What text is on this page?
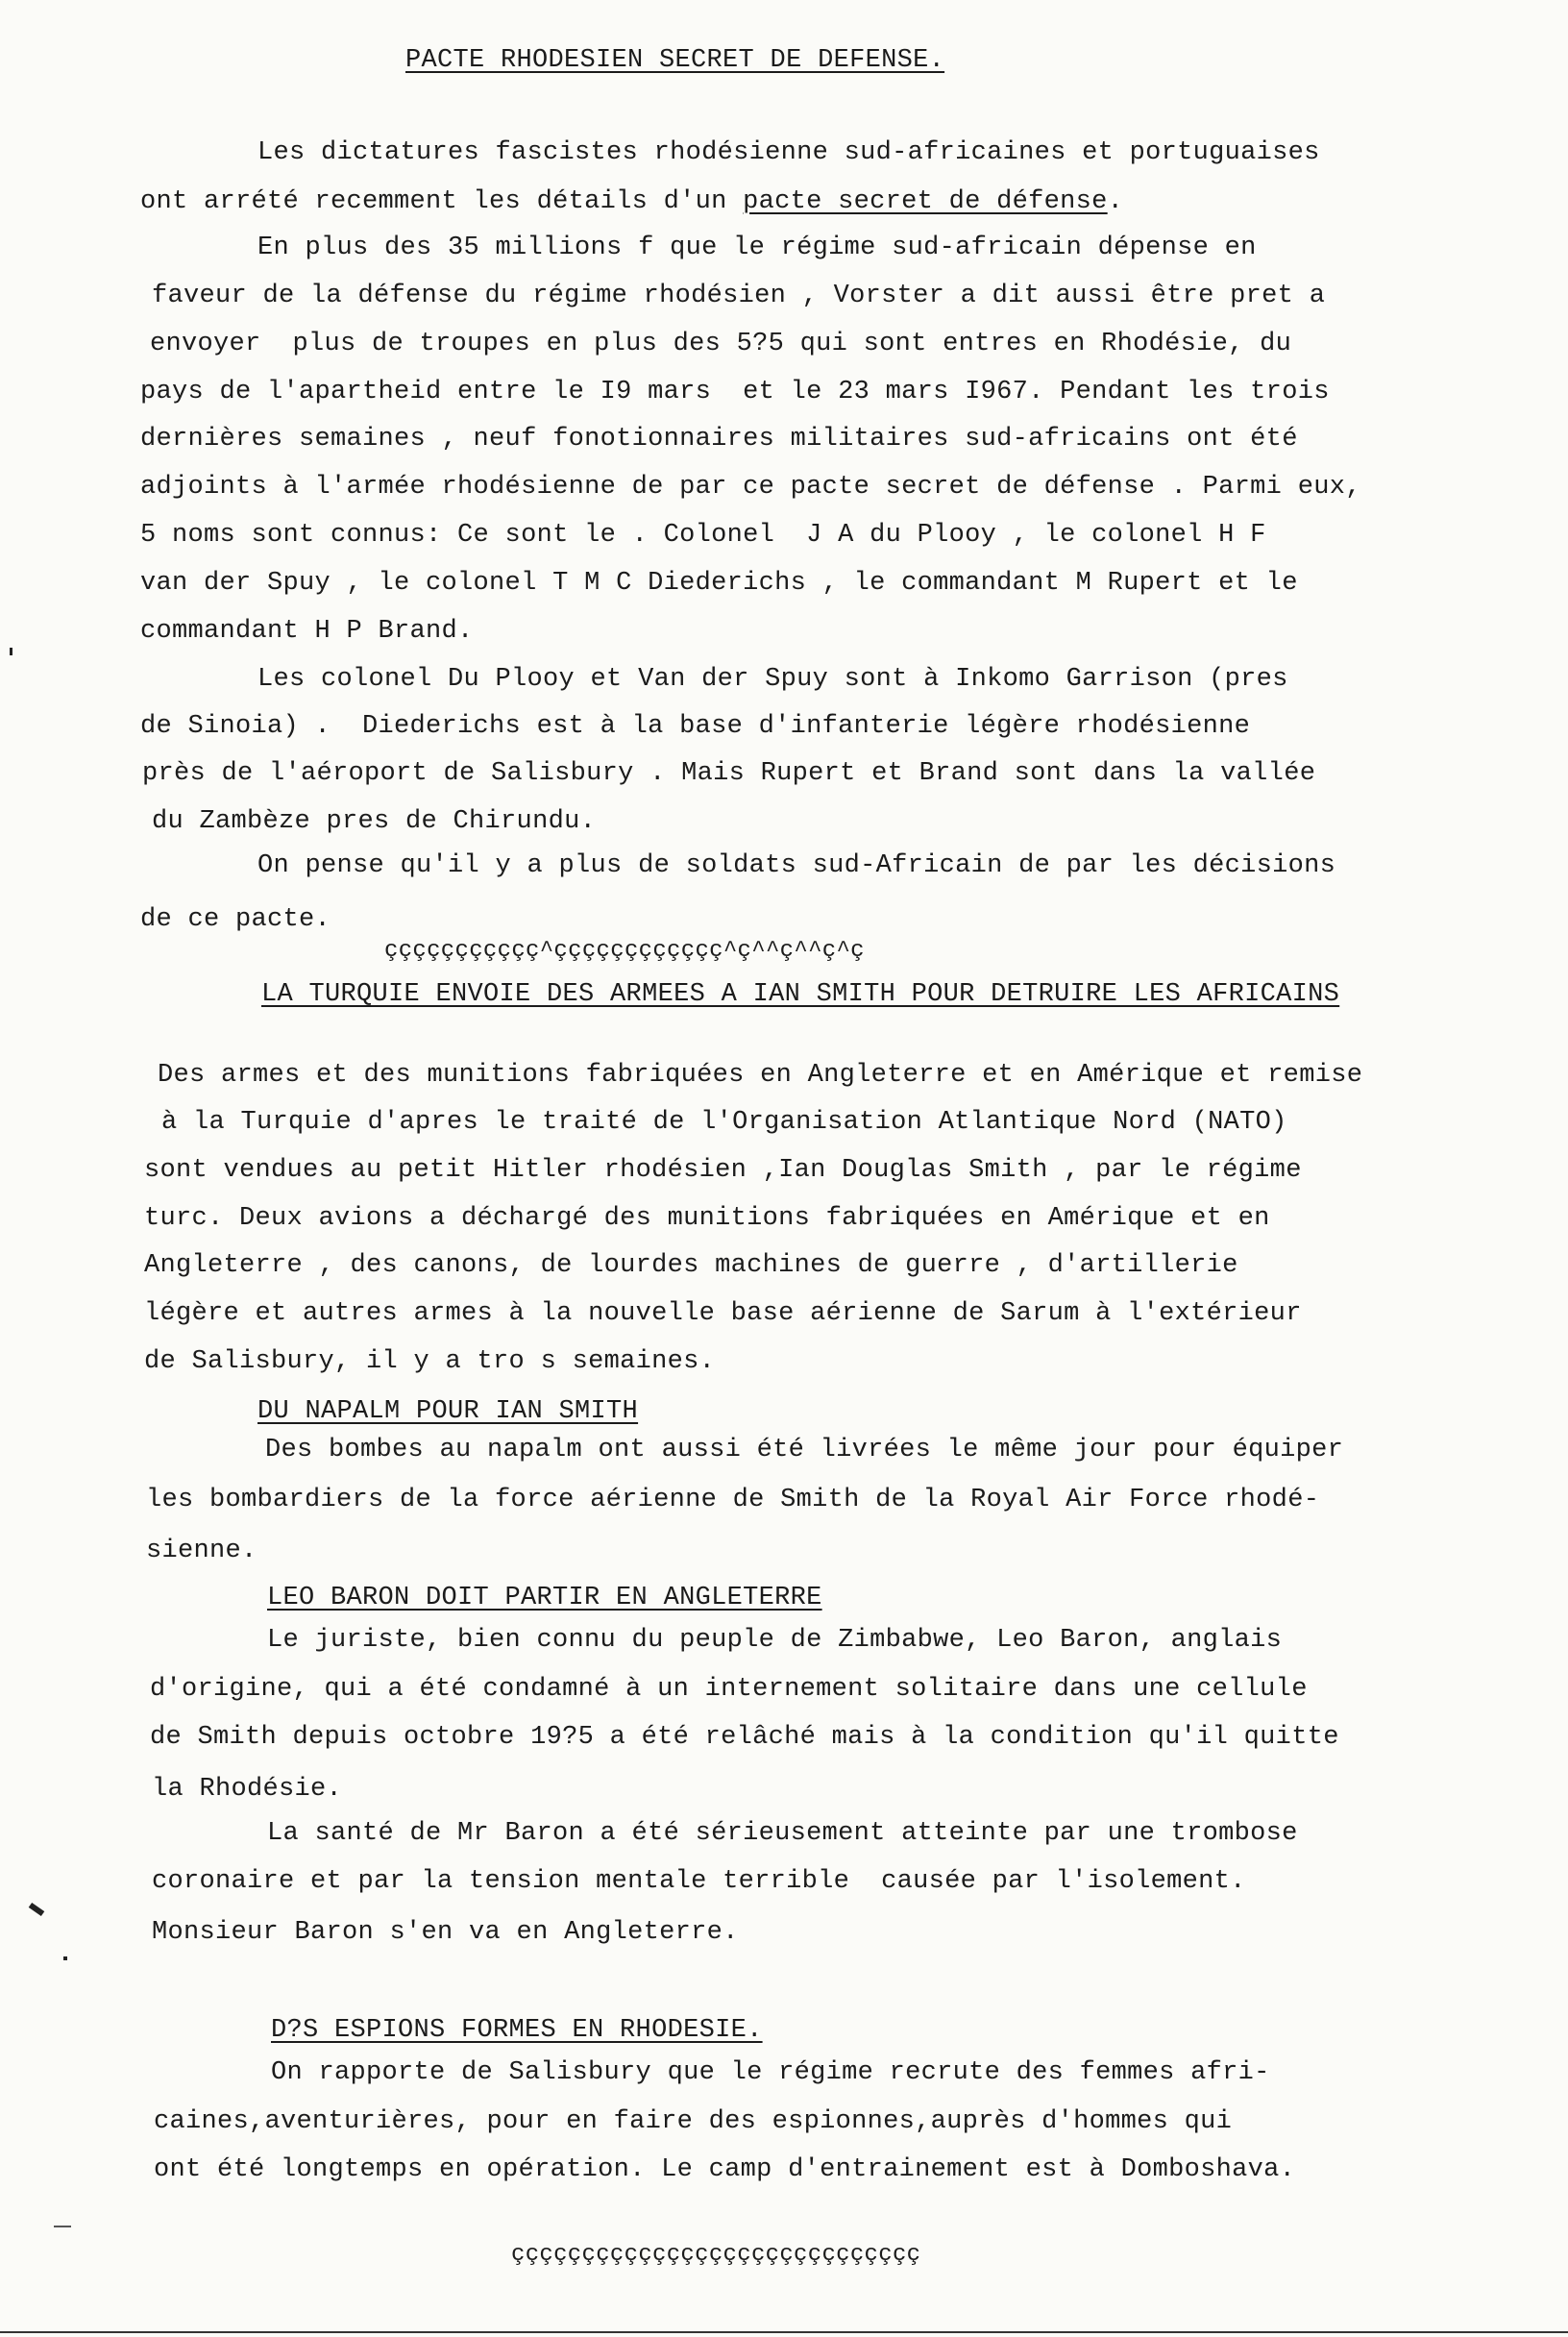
PACTE RHODESIEN SECRET DE DEFENSE.
Les dictatures fascistes rhodésienne sud-africaines et portuguaises
ont arrété recemment les détails d'un pacte secret de défense.
En plus des 35 millions f que le régime sud-africain dépense en
faveur de la défense du régime rhodésien , Vorster a dit aussi être pret a
envoyer  plus de troupes en plus des 5?5 qui sont entres en Rhodésie, du
pays de l'apartheid entre le I9 mars  et le 23 mars I967. Pendant les trois
dernières semaines , neuf fonotionnaires militaires sud-africains ont été
adjoints à l'armée rhodésienne de par ce pacte secret de défense . Parmi eux,
5 noms sont connus: Ce sont le . Colonel  J A du Plooy , le colonel H F
van der Spuy , le colonel T M C Diederichs , le commandant M Rupert et le
commandant H P Brand.
Les colonel Du Plooy et Van der Spuy sont à Inkomo Garrison (pres
de Sinoia) .  Diederichs est à la base d'infanterie légère rhodésienne
près de l'aéroport de Salisbury . Mais Rupert et Brand sont dans la vallée
du Zambèze pres de Chirundu.
On pense qu'il y a plus de soldats sud-Africain de par les décisions
de ce pacte.
ççççççççççç^çççççççççççç^ç^^ç^^ç^ç
LA TURQUIE ENVOIE DES ARMEES A IAN SMITH POUR DETRUIRE LES AFRICAINS
Des armes et des munitions fabriquées en Angleterre et en Amérique et remise
à la Turquie d'apres le traité de l'Organisation Atlantique Nord (NATO)
sont vendues au petit Hitler rhodésien ,Ian Douglas Smith , par le régime
turc. Deux avions a déchargé des munitions fabriquées en Amérique et en
Angleterre , des canons, de lourdes machines de guerre , d'artillerie
légère et autres armes à la nouvelle base aérienne de Sarum à l'extérieur
de Salisbury, il y a tro s semaines.
DU NAPALM POUR IAN SMITH
Des bombes au napalm ont aussi été livrées le même jour pour équiper
les bombardiers de la force aérienne de Smith de la Royal Air Force rhodé-
sienne.
LEO BARON DOIT PARTIR EN ANGLETERRE
Le juriste, bien connu du peuple de Zimbabwe, Leo Baron, anglais
d'origine, qui a été condamné à un internement solitaire dans une cellule
de Smith depuis octobre 19?5 a été relâché mais à la condition qu'il quitte
la Rhodésie.
La santé de Mr Baron a été sérieusement atteinte par une trombose
coronaire et par la tension mentale terrible  causée par l'isolement.
Monsieur Baron s'en va en Angleterre.
D?S ESPIONS FORMES EN RHODESIE.
On rapporte de Salisbury que le régime recrute des femmes afri-
caines,aventurières, pour en faire des espionnes,auprès d'hommes qui
ont été longtemps en opération. Le camp d'entrainement est à Domboshava.
ççççççççççççççççççççççççççççç
